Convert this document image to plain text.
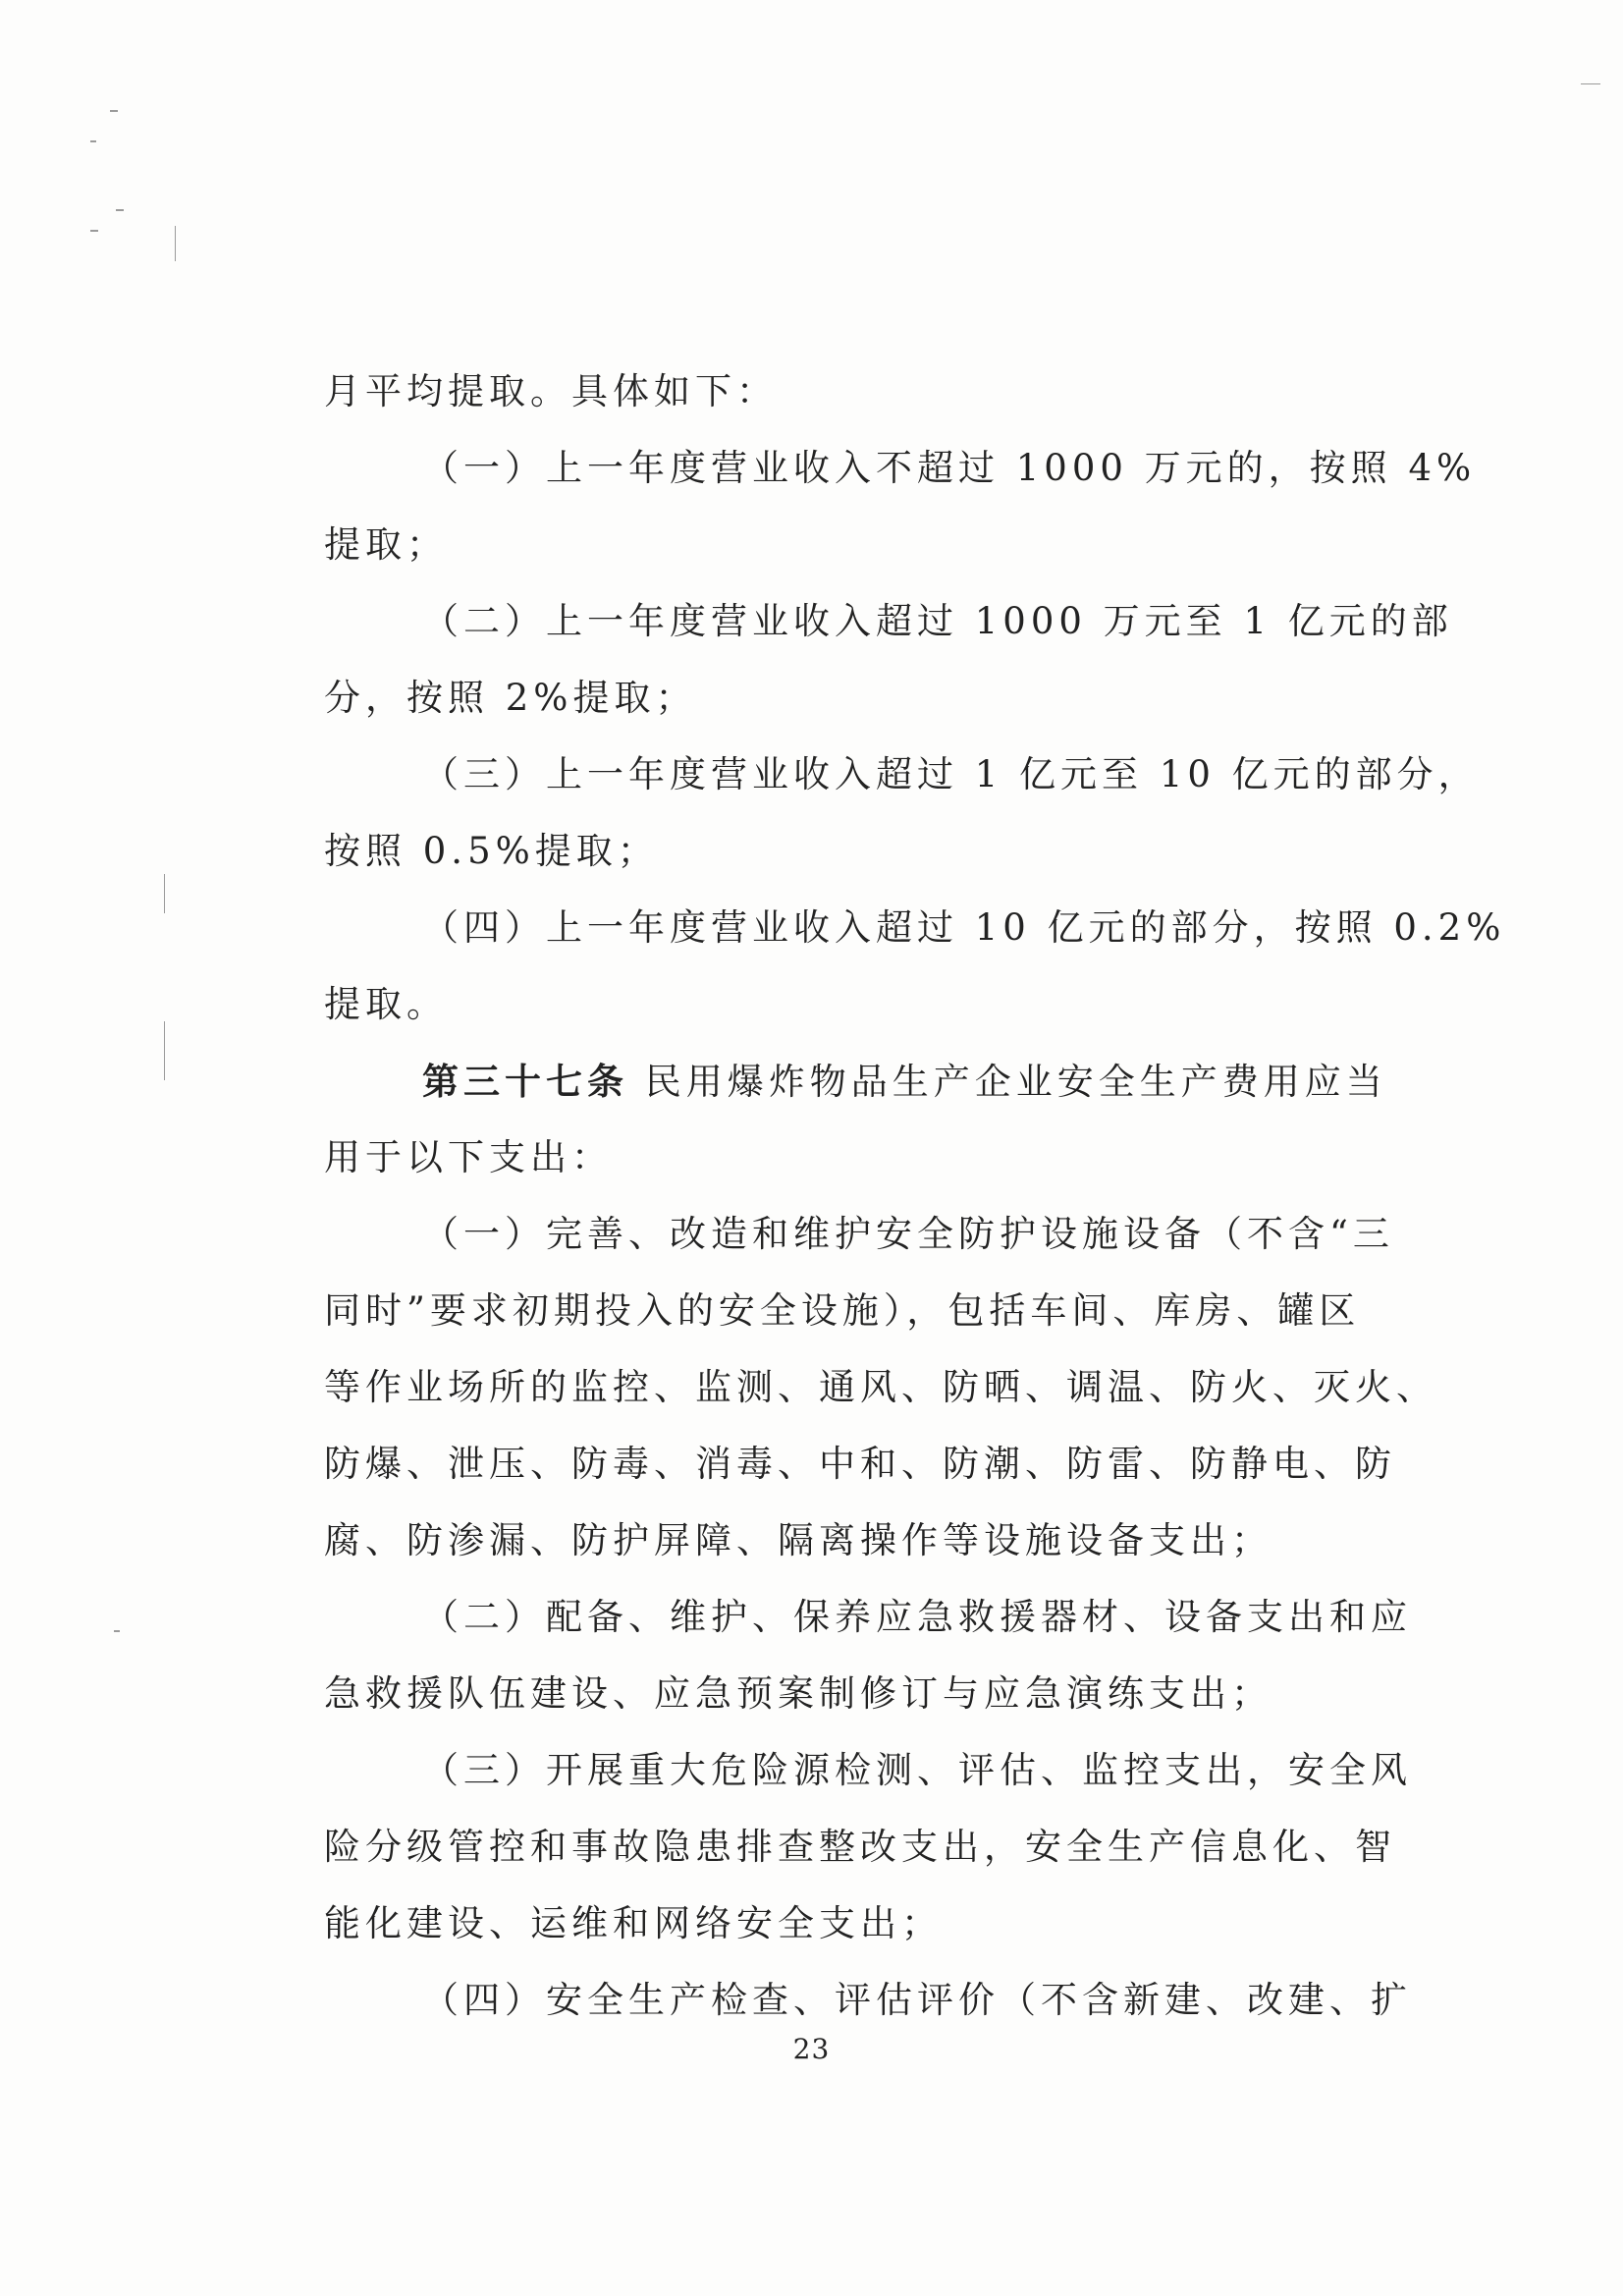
月平均提取。具体如下：
（一）上一年度营业收入不超过 1000 万元的，按照 4%
提取；
（二）上一年度营业收入超过 1000 万元至 1 亿元的部
分，按照 2%提取；
（三）上一年度营业收入超过 1 亿元至 10 亿元的部分，
按照 0.5%提取；
（四）上一年度营业收入超过 10 亿元的部分，按照 0.2%
提取。
第三十七条 民用爆炸物品生产企业安全生产费用应当
用于以下支出：
（一）完善、改造和维护安全防护设施设备（不含“三
同时”要求初期投入的安全设施），包括车间、库房、罐区
等作业场所的监控、监测、通风、防晒、调温、防火、灭火、
防爆、泄压、防毒、消毒、中和、防潮、防雷、防静电、防
腐、防渗漏、防护屏障、隔离操作等设施设备支出；
（二）配备、维护、保养应急救援器材、设备支出和应
急救援队伍建设、应急预案制修订与应急演练支出；
（三）开展重大危险源检测、评估、监控支出，安全风
险分级管控和事故隐患排查整改支出，安全生产信息化、智
能化建设、运维和网络安全支出；
（四）安全生产检查、评估评价（不含新建、改建、扩
23
